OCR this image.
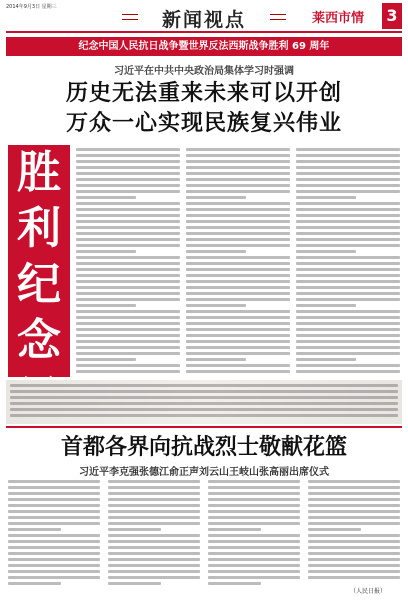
2014年9月3日 星期三
新闻视点	莱西市情 3
纪念中国人民抗日战争暨世界反法西斯战争胜利 69 周年
习近平在中共中央政治局集体学习时强调
历史无法重来未来可以开创
万众一心实现民族复兴伟业
胜
利
纪
念
首都各界向抗战烈士敬献花篮
习近平李克强张德江俞正声刘云山王岐山张高丽出席仪式
（人民日报）
